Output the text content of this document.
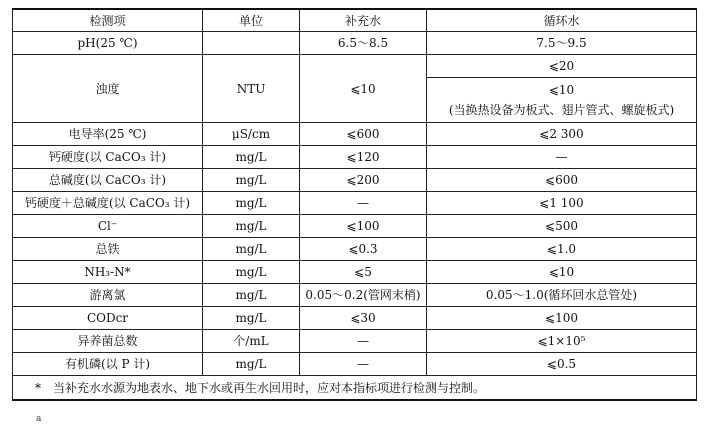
检测项	单位	补充水	循环水
pH(25 ℃)		6.5～8.5	7.5～9.5
浊度	NTU	⩽10	⩽20

			⩽10
(当换热设备为板式、翅片管式、螺旋板式)

电导率(25 ℃)	μS/cm	⩽600	⩽2 300
钙硬度(以 CaCO₃ 计)	mg/L	⩽120	—
总碱度(以 CaCO₃ 计)	mg/L	⩽200	⩽600
钙硬度＋总碱度(以 CaCO₃ 计)	mg/L	—	⩽1 100
Cl⁻	mg/L	⩽100	⩽500
总铁	mg/L	⩽0.3	⩽1.0
NH₃-N*	mg/L	⩽5	⩽10
游离氯	mg/L	0.05～0.2(管网末梢)	0.05～1.0(循环回水总管处)
CODcr	mg/L	⩽30	⩽100
异养菌总数	个/mL	—	⩽1×10⁵
有机磷(以 P 计)	mg/L	—	⩽0.5
*　当补充水水源为地表水、地下水或再生水回用时，应对本指标项进行检测与控制。			
a
